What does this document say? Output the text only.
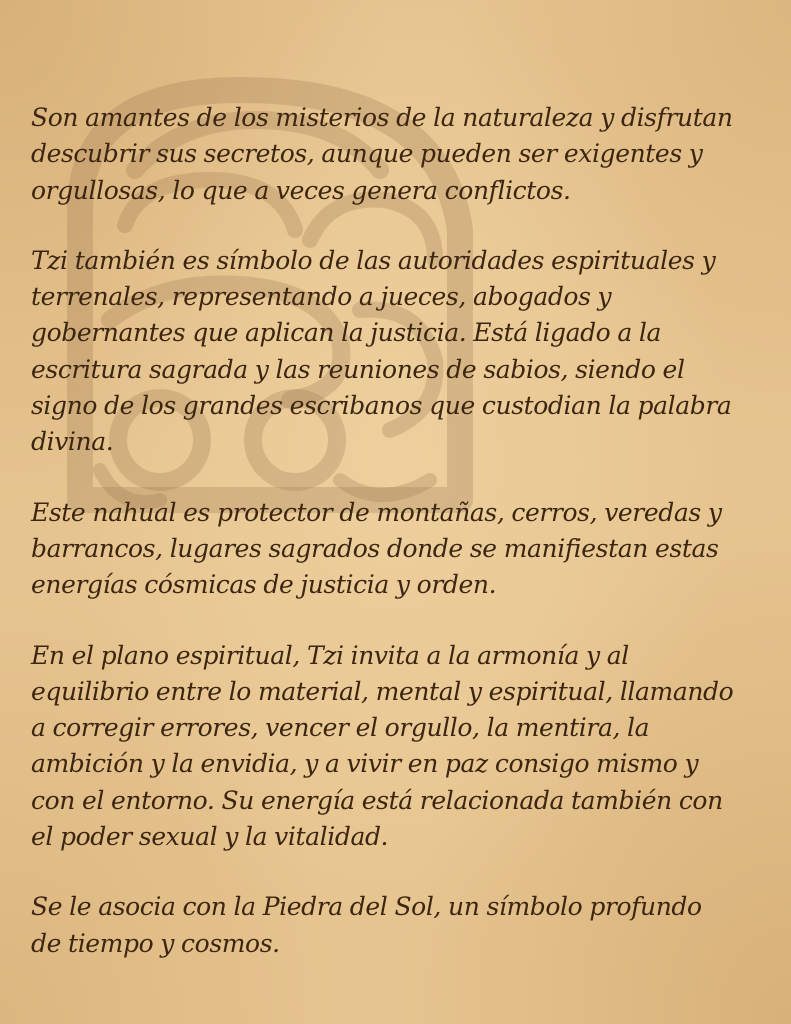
Son amantes de los misterios de la naturaleza y disfrutan
descubrir sus secretos, aunque pueden ser exigentes y
orgullosas, lo que a veces genera conflictos.

Tzi también es símbolo de las autoridades espirituales y
terrenales, representando a jueces, abogados y
gobernantes que aplican la justicia. Está ligado a la
escritura sagrada y las reuniones de sabios, siendo el
signo de los grandes escribanos que custodian la palabra
divina.

Este nahual es protector de montañas, cerros, veredas y
barrancos, lugares sagrados donde se manifiestan estas
energías cósmicas de justicia y orden.

En el plano espiritual, Tzi invita a la armonía y al
equilibrio entre lo material, mental y espiritual, llamando
a corregir errores, vencer el orgullo, la mentira, la
ambición y la envidia, y a vivir en paz consigo mismo y
con el entorno. Su energía está relacionada también con
el poder sexual y la vitalidad.

Se le asocia con la Piedra del Sol, un símbolo profundo
de tiempo y cosmos.
